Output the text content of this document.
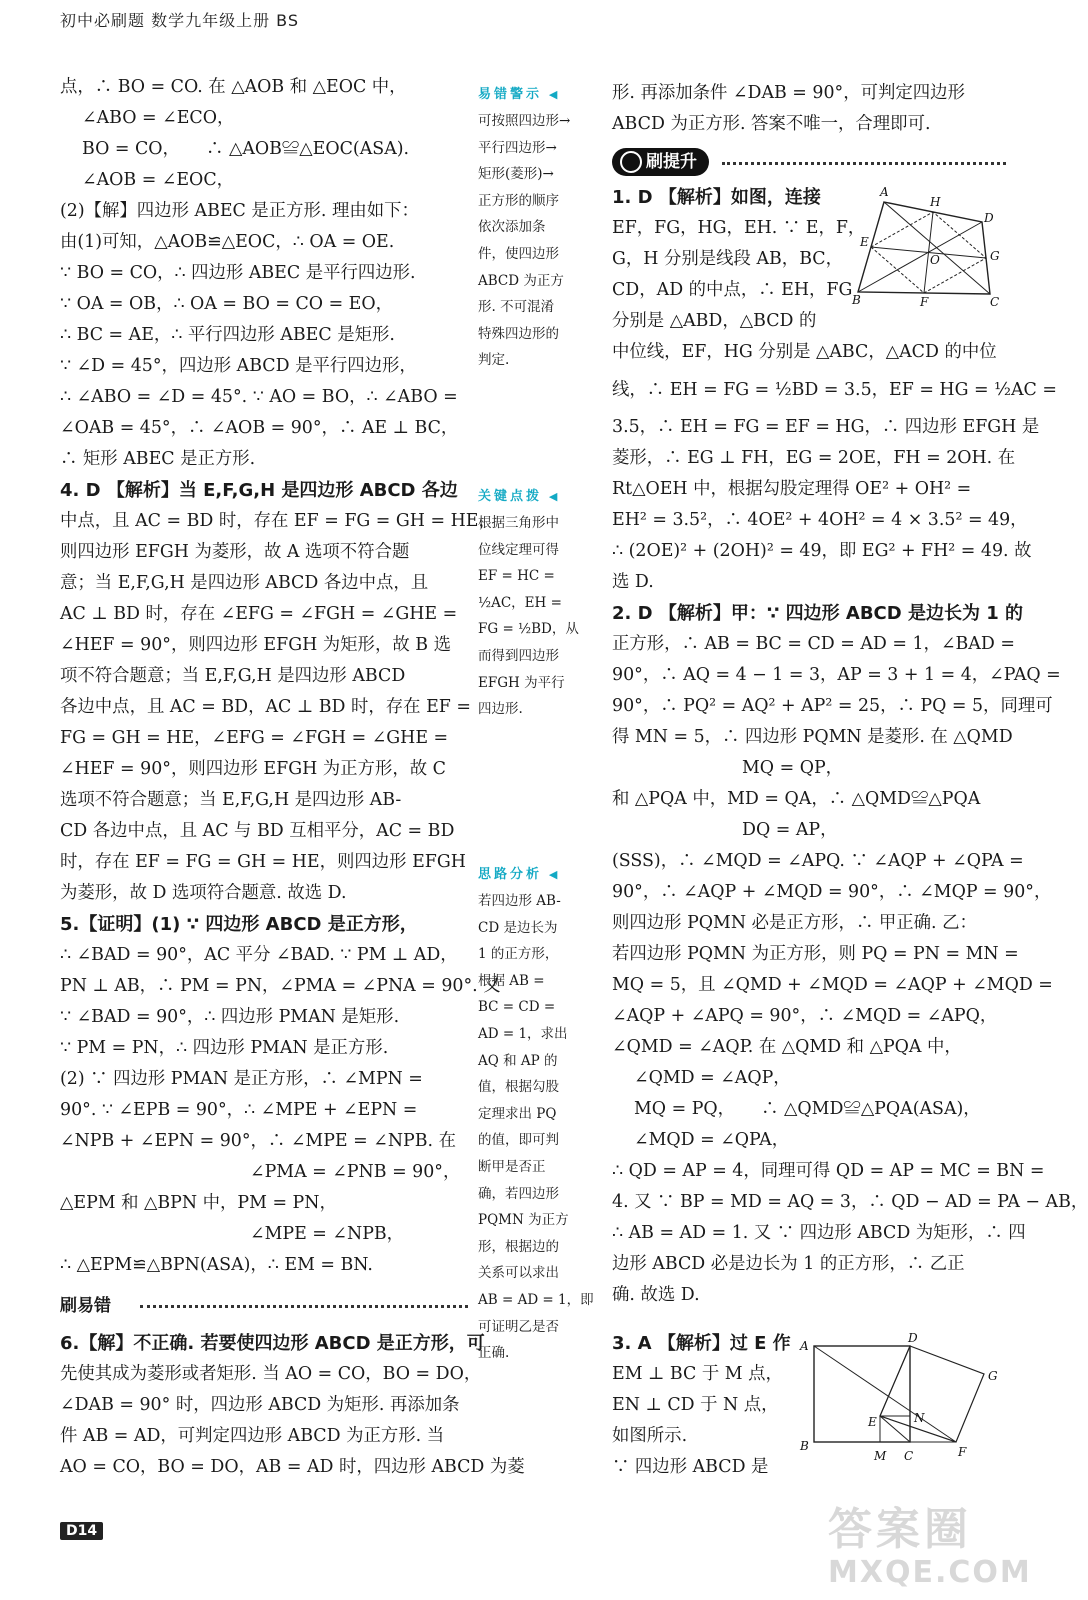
初中必刷题 数学九年级上册 BS
点，∴ BO = CO. 在 △AOB 和 △EOC 中，
∠ABO = ∠ECO，
BO = CO，　　∴ △AOB≌△EOC(ASA).
∠AOB = ∠EOC，
(2)【解】四边形 ABEC 是正方形. 理由如下：
由(1)可知，△AOB≌△EOC，∴ OA = OE.
∵ BO = CO，∴ 四边形 ABEC 是平行四边形.
∵ OA = OB，∴ OA = BO = CO = EO，
∴ BC = AE，∴ 平行四边形 ABEC 是矩形.
∵ ∠D = 45°，四边形 ABCD 是平行四边形，
∴ ∠ABO = ∠D = 45°. ∵ AO = BO，∴ ∠ABO =
∠OAB = 45°，∴ ∠AOB = 90°，∴ AE ⊥ BC，
∴ 矩形 ABEC 是正方形.
4. D 【解析】当 E,F,G,H 是四边形 ABCD 各边
中点，且 AC = BD 时，存在 EF = FG = GH = HE，
则四边形 EFGH 为菱形，故 A 选项不符合题
意；当 E,F,G,H 是四边形 ABCD 各边中点，且
AC ⊥ BD 时，存在 ∠EFG = ∠FGH = ∠GHE =
∠HEF = 90°，则四边形 EFGH 为矩形，故 B 选
项不符合题意；当 E,F,G,H 是四边形 ABCD
各边中点，且 AC = BD，AC ⊥ BD 时，存在 EF =
FG = GH = HE，∠EFG = ∠FGH = ∠GHE =
∠HEF = 90°，则四边形 EFGH 为正方形，故 C
选项不符合题意；当 E,F,G,H 是四边形 AB-
CD 各边中点，且 AC 与 BD 互相平分，AC = BD
时，存在 EF = FG = GH = HE，则四边形 EFGH
为菱形，故 D 选项符合题意. 故选 D.
5.【证明】(1) ∵ 四边形 ABCD 是正方形，
∴ ∠BAD = 90°，AC 平分 ∠BAD. ∵ PM ⊥ AD，
PN ⊥ AB，∴ PM = PN，∠PMA = ∠PNA = 90°. 又
∵ ∠BAD = 90°，∴ 四边形 PMAN 是矩形.
∵ PM = PN，∴ 四边形 PMAN 是正方形.
(2) ∵ 四边形 PMAN 是正方形，∴ ∠MPN =
90°. ∵ ∠EPB = 90°，∴ ∠MPE + ∠EPN =
∠NPB + ∠EPN = 90°，∴ ∠MPE = ∠NPB. 在
∠PMA = ∠PNB = 90°，
△EPM 和 △BPN 中，PM = PN，
∠MPE = ∠NPB，
∴ △EPM≌△BPN(ASA)，∴ EM = BN.
刷易错
6.【解】不正确. 若要使四边形 ABCD 是正方形，可
先使其成为菱形或者矩形. 当 AO = CO，BO = DO，
∠DAB = 90° 时，四边形 ABCD 为矩形. 再添加条
件 AB = AD，可判定四边形 ABCD 为正方形. 当
AO = CO，BO = DO，AB = AD 时，四边形 ABCD 为菱
易错警示 ◀
可按照四边形→
平行四边形→
矩形(菱形)→
正方形的顺序
依次添加条
件，使四边形
ABCD 为正方
形. 不可混淆
特殊四边形的
判定.
关键点拨 ◀
根据三角形中
位线定理可得
EF = HC =
½AC，EH =
FG = ½BD，从
而得到四边形
EFGH 为平行
四边形.
思路分析 ◀
若四边形 AB-
CD 是边长为
1 的正方形，
根据 AB =
BC = CD =
AD = 1，求出
AQ 和 AP 的
值，根据勾股
定理求出 PQ
的值，即可判
断甲是否正
确，若四边形
PQMN 为正方
形，根据边的
关系可以求出
AB = AD = 1，即
可证明乙是否
正确.
形. 再添加条件 ∠DAB = 90°，可判定四边形
ABCD 为正方形. 答案不唯一，合理即可.
刷提升
1. D 【解析】如图，连接
EF，FG，HG，EH. ∵ E，F，
G，H 分别是线段 AB，BC，
CD，AD 的中点，∴ EH，FG
分别是 △ABD，△BCD 的
A
H
D
E
O	G
B	F	C
中位线，EF，HG 分别是 △ABC，△ACD 的中位
线，∴ EH = FG = ½BD = 3.5，EF = HG = ½AC =
3.5，∴ EH = FG = EF = HG，∴ 四边形 EFGH 是
菱形，∴ EG ⊥ FH，EG = 2OE，FH = 2OH. 在
Rt△OEH 中，根据勾股定理得 OE² + OH² =
EH² = 3.5²，∴ 4OE² + 4OH² = 4 × 3.5² = 49，
∴ (2OE)² + (2OH)² = 49，即 EG² + FH² = 49. 故
选 D.
2. D 【解析】甲：∵ 四边形 ABCD 是边长为 1 的
正方形，∴ AB = BC = CD = AD = 1，∠BAD =
90°，∴ AQ = 4 − 1 = 3，AP = 3 + 1 = 4，∠PAQ =
90°，∴ PQ² = AQ² + AP² = 25，∴ PQ = 5，同理可
得 MN = 5，∴ 四边形 PQMN 是菱形. 在 △QMD
MQ = QP，
和 △PQA 中，MD = QA，∴ △QMD≌△PQA
DQ = AP，
(SSS)，∴ ∠MQD = ∠APQ. ∵ ∠AQP + ∠QPA =
90°，∴ ∠AQP + ∠MQD = 90°，∴ ∠MQP = 90°，
则四边形 PQMN 必是正方形，∴ 甲正确. 乙：
若四边形 PQMN 为正方形，则 PQ = PN = MN =
MQ = 5，且 ∠QMD + ∠MQD = ∠AQP + ∠MQD =
∠AQP + ∠APQ = 90°，∴ ∠MQD = ∠APQ，
∠QMD = ∠AQP. 在 △QMD 和 △PQA 中，
∠QMD = ∠AQP，
MQ = PQ，　　∴ △QMD≌△PQA(ASA)，
∠MQD = ∠QPA，
∴ QD = AP = 4，同理可得 QD = AP = MC = BN =
4. 又 ∵ BP = MD = AQ = 3，∴ QD − AD = PA − AB，
∴ AB = AD = 1. 又 ∵ 四边形 ABCD 为矩形，∴ 四
边形 ABCD 必是边长为 1 的正方形，∴ 乙正
确. 故选 D.
3. A 【解析】过 E 作
EM ⊥ BC 于 M 点，
EN ⊥ CD 于 N 点，
如图所示.
∵ 四边形 ABCD 是
A
D
G
E	N
B
M C	F
D14	答案圈
MXQE.COM
